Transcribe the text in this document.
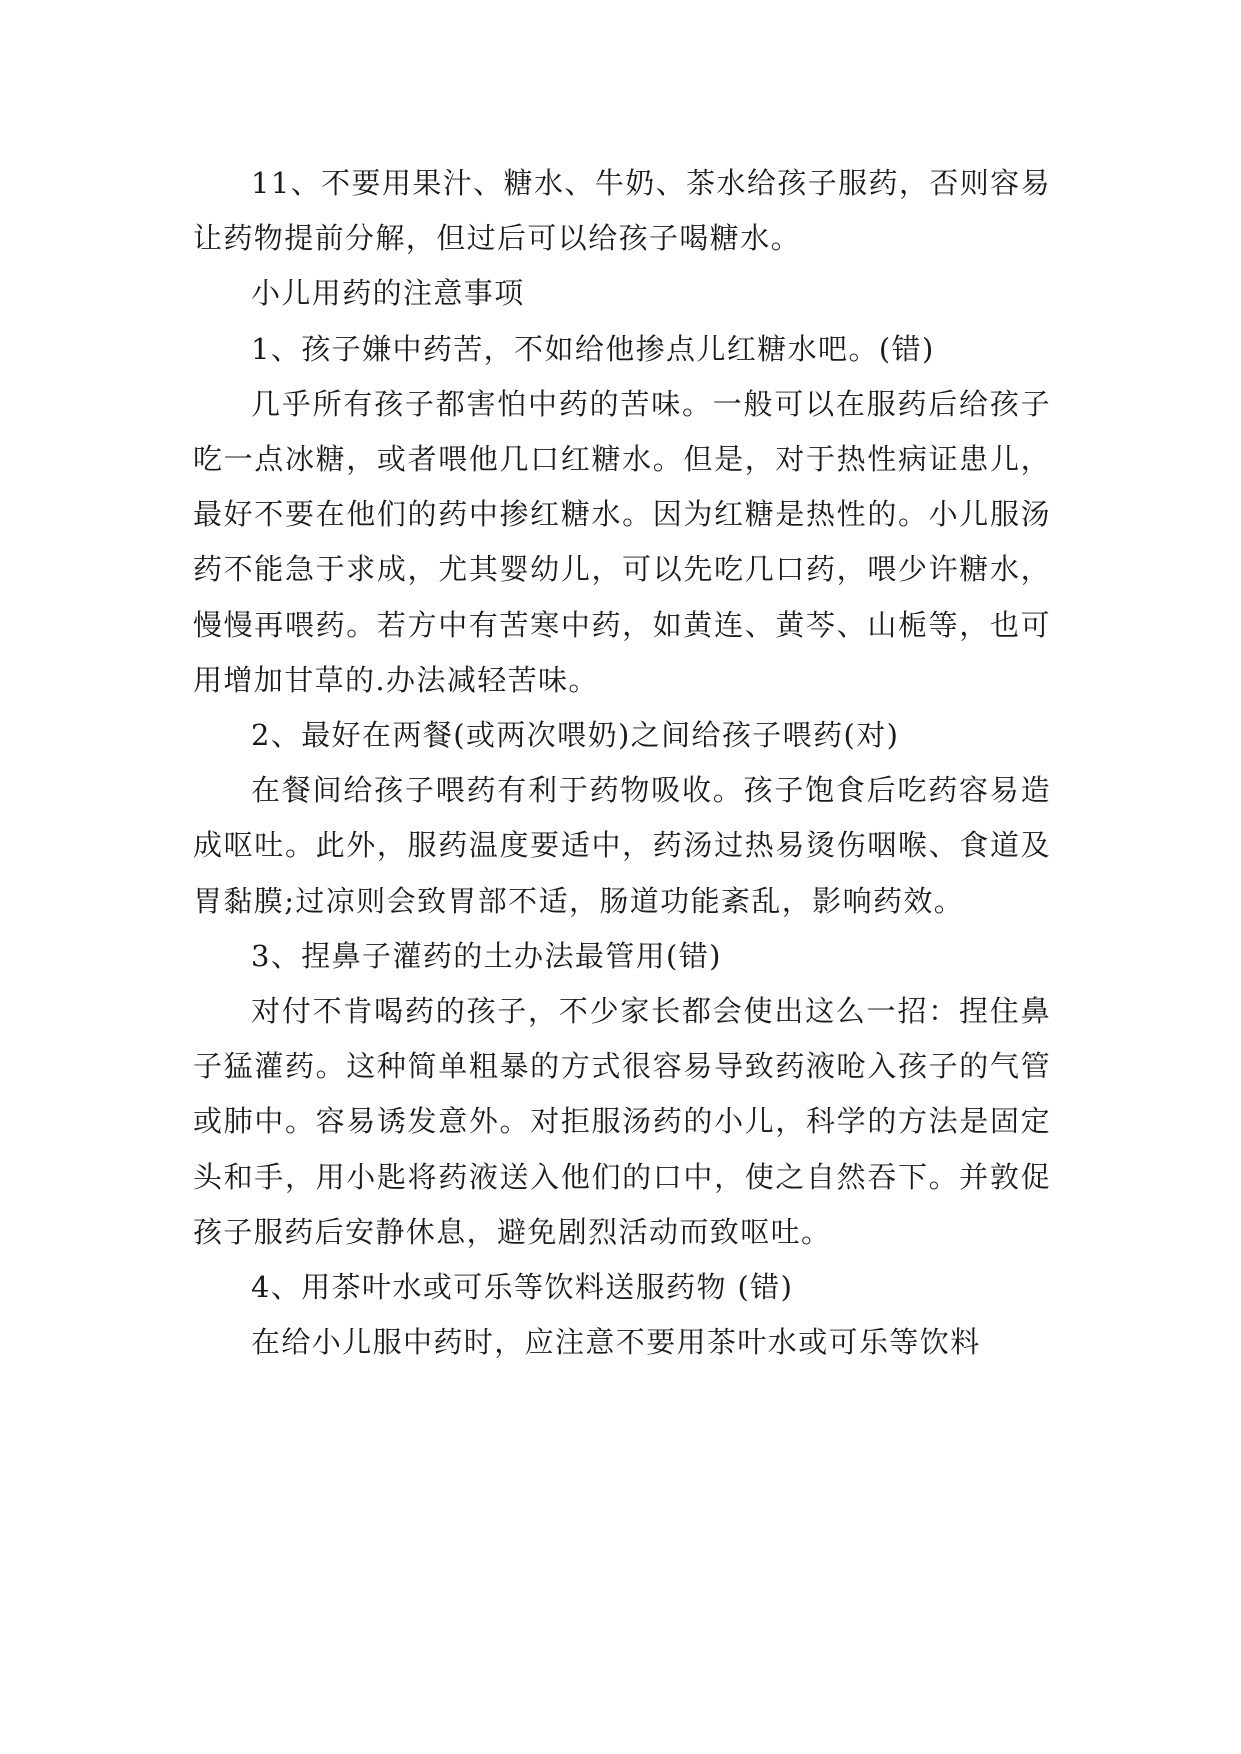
11、不要用果汁、糖水、牛奶、茶水给孩子服药，否则容易让药物提前分解，但过后可以给孩子喝糖水。

小儿用药的注意事项

1、孩子嫌中药苦，不如给他掺点儿红糖水吧。(错)

几乎所有孩子都害怕中药的苦味。一般可以在服药后给孩子吃一点冰糖，或者喂他几口红糖水。但是，对于热性病证患儿，最好不要在他们的药中掺红糖水。因为红糖是热性的。小儿服汤药不能急于求成，尤其婴幼儿，可以先吃几口药，喂少许糖水，慢慢再喂药。若方中有苦寒中药，如黄连、黄芩、山栀等，也可用增加甘草的.办法减轻苦味。

2、最好在两餐(或两次喂奶)之间给孩子喂药(对)

在餐间给孩子喂药有利于药物吸收。孩子饱食后吃药容易造成呕吐。此外，服药温度要适中，药汤过热易烫伤咽喉、食道及胃黏膜;过凉则会致胃部不适，肠道功能紊乱，影响药效。

3、捏鼻子灌药的土办法最管用(错)

对付不肯喝药的孩子，不少家长都会使出这么一招：捏住鼻子猛灌药。这种简单粗暴的方式很容易导致药液呛入孩子的气管或肺中。容易诱发意外。对拒服汤药的小儿，科学的方法是固定头和手，用小匙将药液送入他们的口中，使之自然吞下。并敦促孩子服药后安静休息，避免剧烈活动而致呕吐。

4、用茶叶水或可乐等饮料送服药物 (错)

在给小儿服中药时，应注意不要用茶叶水或可乐等饮料
